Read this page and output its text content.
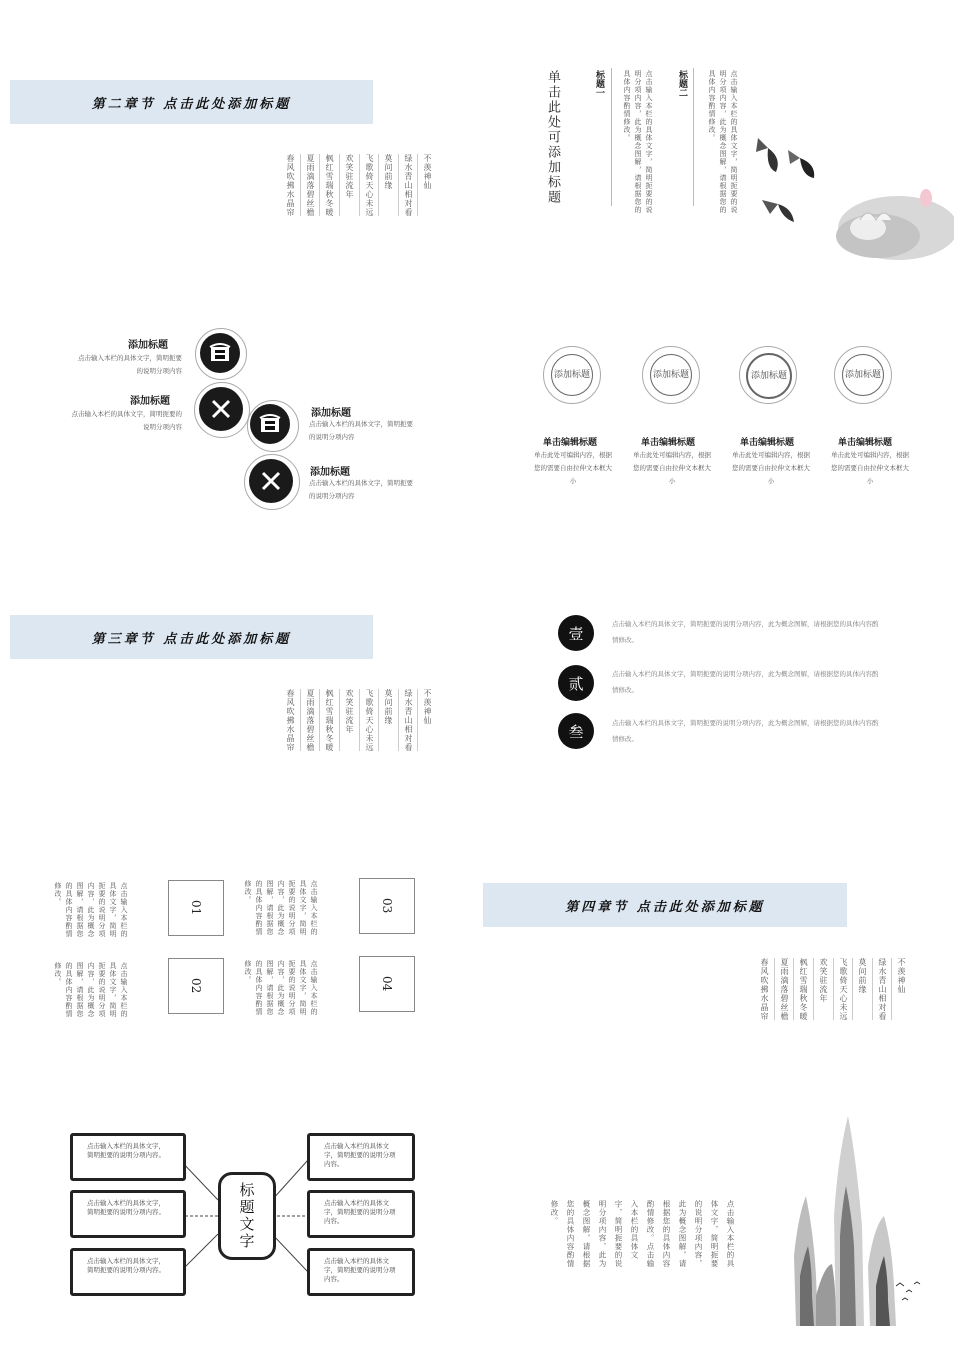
第二章节 点击此处添加标题
不羡神仙
绿水青山相对看
莫问前缘
飞歌倚天心未远
欢笑驻流年
枫红雪瑞秋冬暖
夏雨滴落碧丝檐
春风吹拂水晶帘	单击此处可添加标题	标题一	点击输入本栏的具体文字，简明扼要的说明分项内容，此为概念图解，请根据您的具体内容酌情修改。	标题二	点击输入本栏的具体文字，简明扼要的说明分项内容，此为概念图解，请根据您的具体内容酌情修改。
添加标题
点击输入本栏的具体文字，简明扼要的说明分项内容
添加标题
点击输入本栏的具体文字，简明扼要的说明分项内容
添加标题
点击输入本栏的具体文字，简明扼要的说明分项内容
添加标题
点击输入本栏的具体文字，简明扼要的说明分项内容
添加标题
单击编辑标题
单击此处可编辑内容，根据您的需要自由拉伸文本框大小
添加标题
单击编辑标题
单击此处可编辑内容，根据您的需要自由拉伸文本框大小
添加标题
单击编辑标题
单击此处可编辑内容，根据您的需要自由拉伸文本框大小
添加标题
单击编辑标题
单击此处可编辑内容，根据您的需要自由拉伸文本框大小
第三章节 点击此处添加标题
不羡神仙
绿水青山相对看
莫问前缘
飞歌倚天心未远
欢笑驻流年
枫红雪瑞秋冬暖
夏雨滴落碧丝檐
春风吹拂水晶帘
壹
点击输入本栏的具体文字，简明扼要的说明分项内容，此为概念图解，请根据您的具体内容酌情修改。
贰
点击输入本栏的具体文字，简明扼要的说明分项内容，此为概念图解，请根据您的具体内容酌情修改。
叁	点击输入本栏的具体文字，简明扼要的说明分项内容，此为概念图解，请根据您的具体内容酌情修改。
01
点击输入本栏的具体文字，简明扼要的说明分项内容，此为概念图解，请根据您的具体内容酌情修改。
02
点击输入本栏的具体文字，简明扼要的说明分项内容，此为概念图解，请根据您的具体内容酌情修改。
03
点击输入本栏的具体文字，简明扼要的说明分项内容，此为概念图解，请根据您的具体内容酌情修改。
04
点击输入本栏的具体文字，简明扼要的说明分项内容，此为概念图解，请根据您的具体内容酌情修改。
第四章节 点击此处添加标题
不羡神仙
绿水青山相对看
莫问前缘
飞歌倚天心未远
欢笑驻流年
枫红雪瑞秋冬暖
夏雨滴落碧丝檐
春风吹拂水晶帘
标题文字
点击输入本栏的具体文字，简明扼要的说明分项内容。
点击输入本栏的具体文字，简明扼要的说明分项内容。
点击输入本栏的具体文字，简明扼要的说明分项内容。
点击输入本栏的具体文字，简明扼要的说明分项内容。
点击输入本栏的具体文字，简明扼要的说明分项内容。
点击输入本栏的具体文字，简明扼要的说明分项内容。
点击输入本栏的具体文字，简明扼要的说明分项内容，此为概念图解，请根据您的具体内容酌情修改。点击输入本栏的具体文字，简明扼要的说明分项内容，此为概念图解，请根据您的具体内容酌情修改。
